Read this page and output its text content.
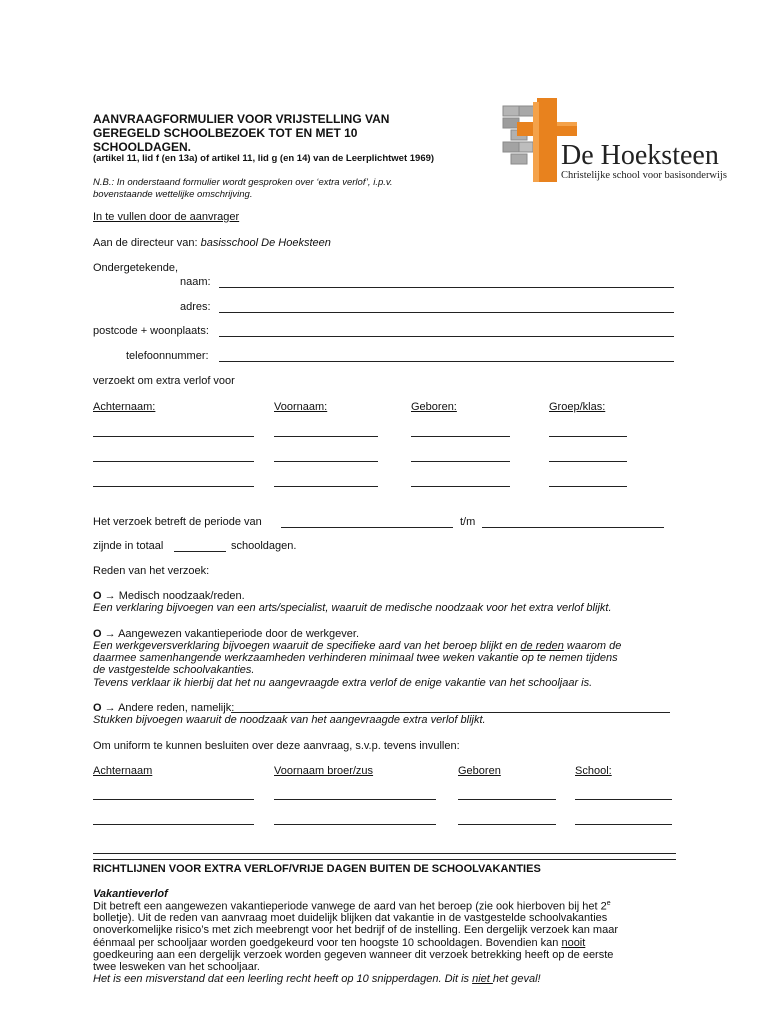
AANVRAAGFORMULIER VOOR VRIJSTELLING VAN
GEREGELD SCHOOLBEZOEK TOT EN MET 10
SCHOOLDAGEN.
(artikel 11, lid f (en 13a) of artikel 11, lid g (en 14) van de Leerplichtwet 1969)
N.B.: In onderstaand formulier wordt gesproken over ‘extra verlof’, i.p.v.
bovenstaande wettelijke omschrijving.
De Hoeksteen
Christelijke school voor basisonderwijs
In te vullen door de aanvrager
Aan de directeur van: basisschool De Hoeksteen
Ondergetekende,
naam:
adres:
postcode + woonplaats:
telefoonnummer:
verzoekt om extra verlof voor
Achternaam:	Voornaam:	Geboren:	Groep/klas:
Het verzoek betreft de periode van	t/m
zijnde in totaal	schooldagen.
Reden van het verzoek:
O → Medisch noodzaak/reden.
Een verklaring bijvoegen van een arts/specialist, waaruit de medische noodzaak voor het extra verlof blijkt.
O → Aangewezen vakantieperiode door de werkgever.
Een werkgeversverklaring bijvoegen waaruit de specifieke aard van het beroep blijkt en de reden waarom de
daarmee samenhangende werkzaamheden verhinderen minimaal twee weken vakantie op te nemen tijdens
de vastgestelde schoolvakanties.
Tevens verklaar ik hierbij dat het nu aangevraagde extra verlof de enige vakantie van het schooljaar is.
O → Andere reden, namelijk:
Stukken bijvoegen waaruit de noodzaak van het aangevraagde extra verlof blijkt.
Om uniform te kunnen besluiten over deze aanvraag, s.v.p. tevens invullen:
Achternaam	Voornaam broer/zus	Geboren	School:
RICHTLIJNEN VOOR EXTRA VERLOF/VRIJE DAGEN BUITEN DE SCHOOLVAKANTIES
Vakantieverlof
Dit betreft een aangewezen vakantieperiode vanwege de aard van het beroep (zie ook hierboven bij het 2e
bolletje). Uit de reden van aanvraag moet duidelijk blijken dat vakantie in de vastgestelde schoolvakanties
onoverkomelijke risico’s met zich meebrengt voor het bedrijf of de instelling. Een dergelijk verzoek kan maar
éénmaal per schooljaar worden goedgekeurd voor ten hoogste 10 schooldagen. Bovendien kan nooit
goedkeuring aan een dergelijk verzoek worden gegeven wanneer dit verzoek betrekking heeft op de eerste
twee lesweken van het schooljaar.
Het is een misverstand dat een leerling recht heeft op 10 snipperdagen. Dit is niet het geval!
